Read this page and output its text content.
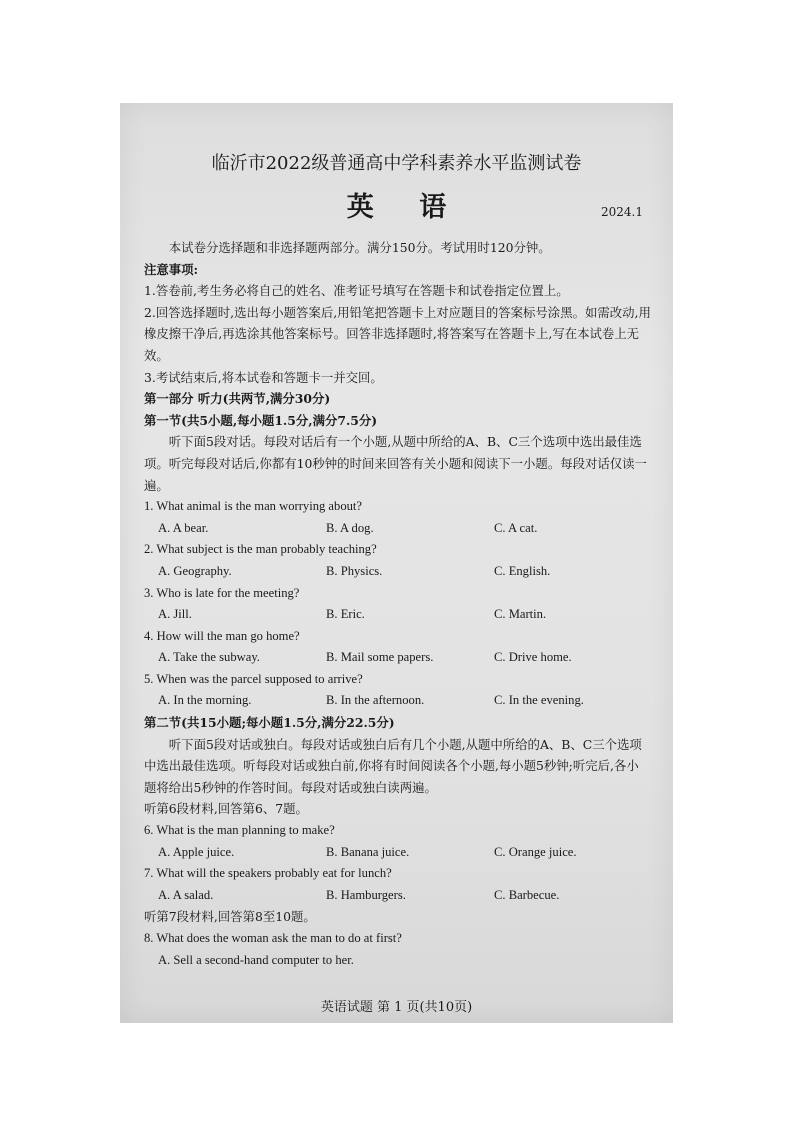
临沂市2022级普通高中学科素养水平监测试卷
英 语	2024.1

本试卷分选择题和非选择题两部分。满分150分。考试用时120分钟。

注意事项:

1.答卷前,考生务必将自己的姓名、准考证号填写在答题卡和试卷指定位置上。

2.回答选择题时,选出每小题答案后,用铅笔把答题卡上对应题目的答案标号涂黑。如需改动,用橡皮擦干净后,再选涂其他答案标号。回答非选择题时,将答案写在答题卡上,写在本试卷上无效。

3.考试结束后,将本试卷和答题卡一并交回。

第一部分 听力(共两节,满分30分)

第一节(共5小题,每小题1.5分,满分7.5分)

听下面5段对话。每段对话后有一个小题,从题中所给的A、B、C三个选项中选出最佳选项。听完每段对话后,你都有10秒钟的时间来回答有关小题和阅读下一小题。每段对话仅读一遍。

1. What animal is the man worrying about?

A. A bear.	B. A dog.	C. A cat.

2. What subject is the man probably teaching?

A. Geography.	B. Physics.	C. English.

3. Who is late for the meeting?

A. Jill.	B. Eric.	C. Martin.

4. How will the man go home?

A. Take the subway.	B. Mail some papers.	C. Drive home.

5. When was the parcel supposed to arrive?

A. In the morning.	B. In the afternoon.	C. In the evening.

第二节(共15小题;每小题1.5分,满分22.5分)

听下面5段对话或独白。每段对话或独白后有几个小题,从题中所给的A、B、C三个选项中选出最佳选项。听每段对话或独白前,你将有时间阅读各个小题,每小题5秒钟;听完后,各小题将给出5秒钟的作答时间。每段对话或独白读两遍。

听第6段材料,回答第6、7题。

6. What is the man planning to make?

A. Apple juice.	B. Banana juice.	C. Orange juice.

7. What will the speakers probably eat for lunch?

A. A salad.	B. Hamburgers.	C. Barbecue.

听第7段材料,回答第8至10题。

8. What does the woman ask the man to do at first?

A. Sell a second-hand computer to her.
英语试题 第 1 页(共10页)
